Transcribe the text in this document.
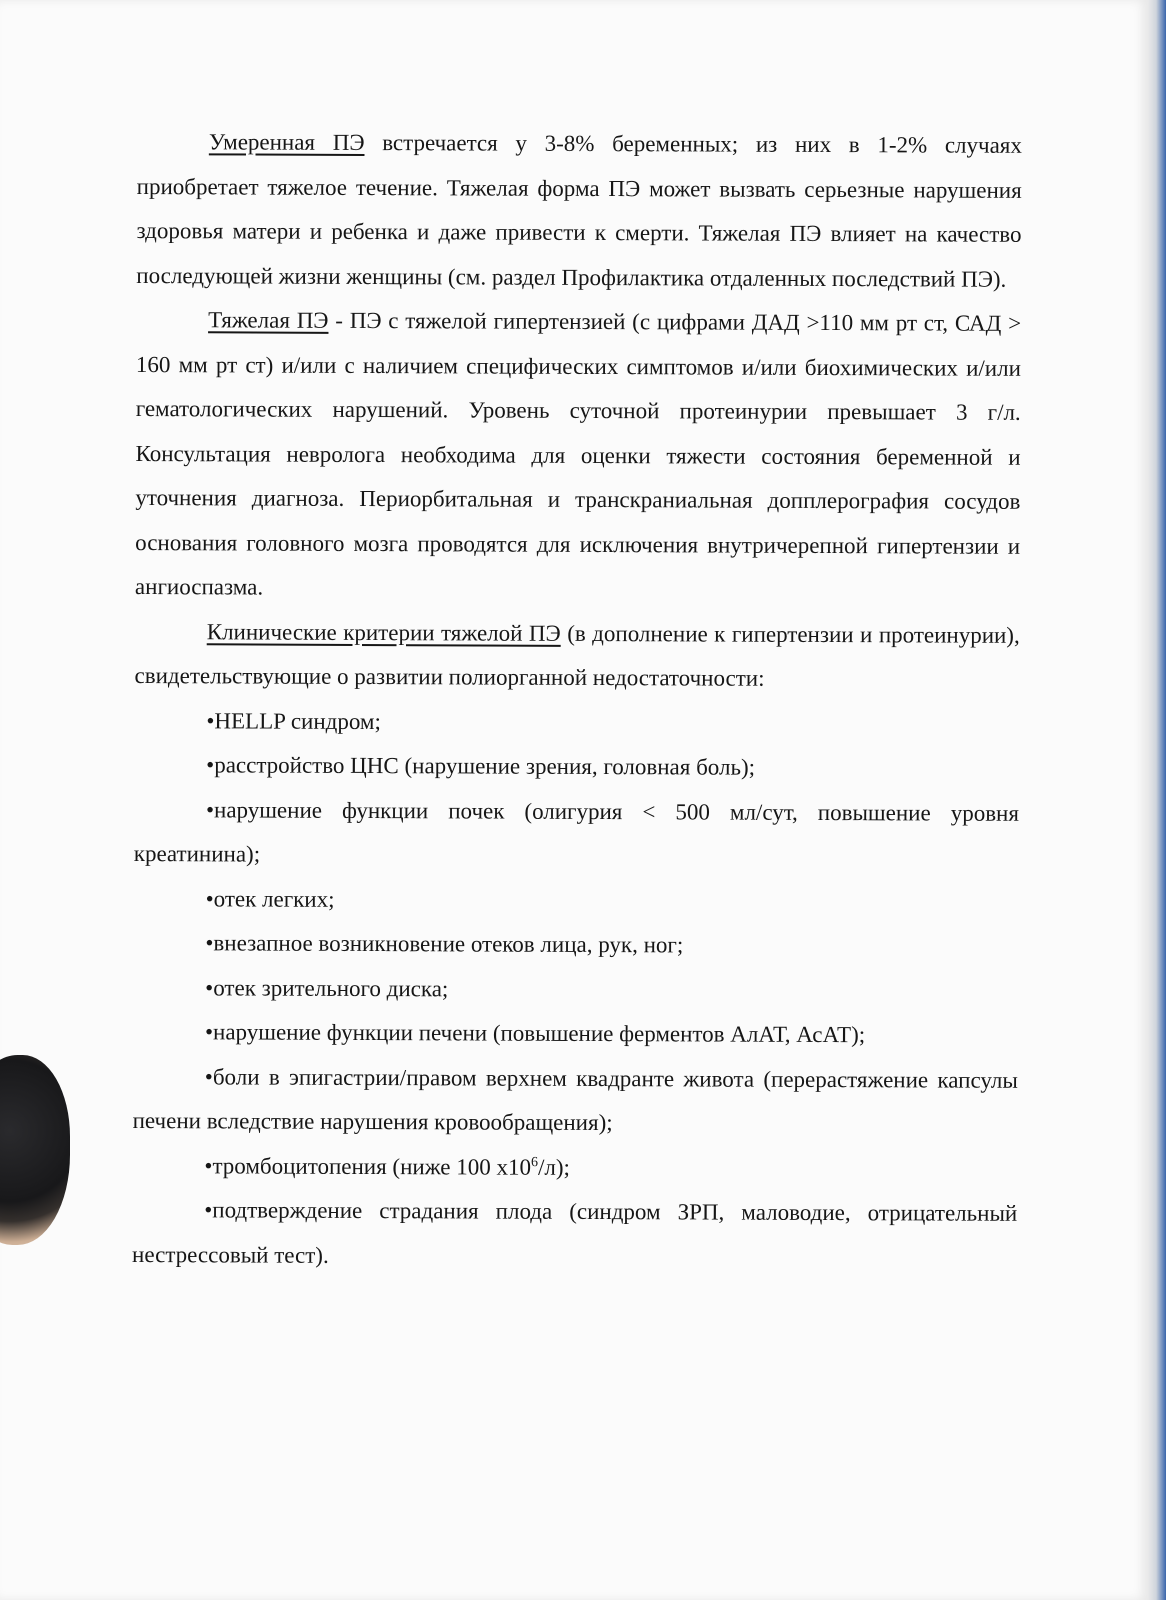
Умеренная ПЭ встречается у 3-8% беременных; из них в 1-2% случаях приобретает тяжелое течение. Тяжелая форма ПЭ может вызвать серьезные нарушения здоровья матери и ребенка и даже привести к смерти. Тяжелая ПЭ влияет на качество последующей жизни женщины (см. раздел Профилактика отдаленных последствий ПЭ).

Тяжелая ПЭ - ПЭ с тяжелой гипертензией (с цифрами ДАД >110 мм рт ст, САД > 160 мм рт ст) и/или с наличием специфических симптомов и/или биохимических и/или гематологических нарушений. Уровень суточной протеинурии превышает 3 г/л. Консультация невролога необходима для оценки тяжести состояния беременной и уточнения диагноза. Периорбитальная и транскраниальная допплерография сосудов основания головного мозга проводятся для исключения внутричерепной гипертензии и ангиоспазма.

Клинические критерии тяжелой ПЭ (в дополнение к гипертензии и протеинурии), свидетельствующие о развитии полиорганной недостаточности:

•HELLP синдром;

•расстройство ЦНС (нарушение зрения, головная боль);

•нарушение функции почек (олигурия < 500 мл/сут, повышение уровня креатинина);

•отек легких;

•внезапное возникновение отеков лица, рук, ног;

•отек зрительного диска;

•нарушение функции печени (повышение ферментов АлАТ, АсАТ);

•боли в эпигастрии/правом верхнем квадранте живота (перерастяжение капсулы печени вследствие нарушения кровообращения);

•тромбоцитопения (ниже 100 $х10^6/л$);

•подтверждение страдания плода (синдром ЗРП, маловодие, отрицательный нестрессовый тест).
